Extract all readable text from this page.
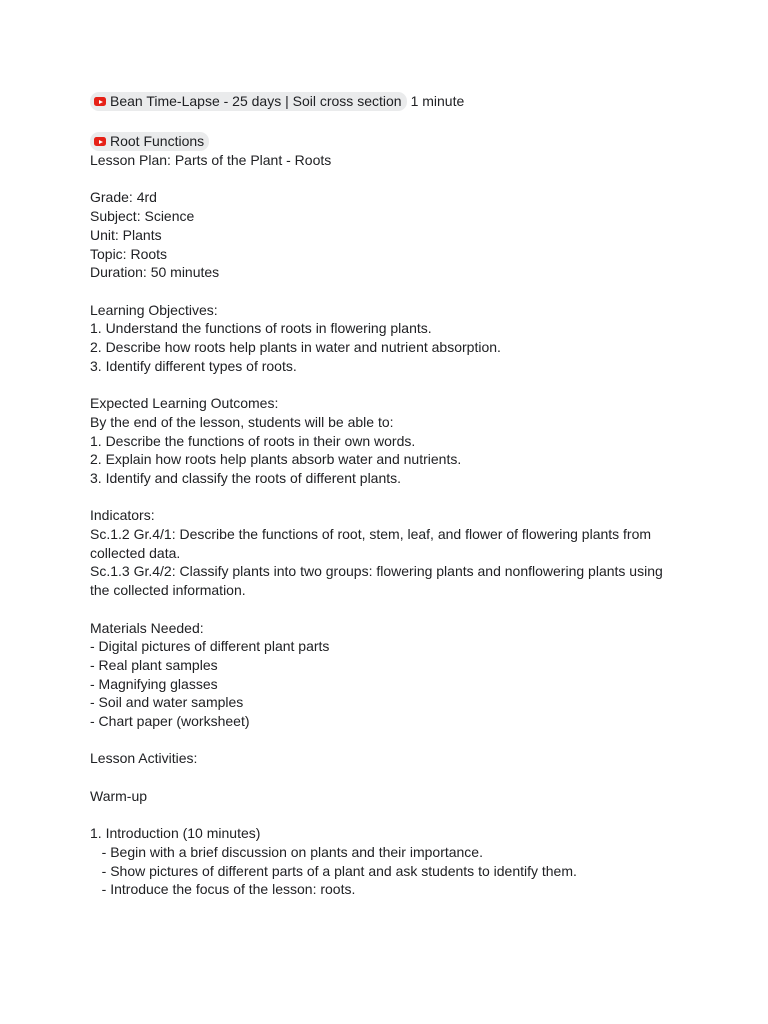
Bean Time-Lapse - 25 days | Soil cross section 1 minute
Root Functions
Lesson Plan: Parts of the Plant - Roots
Grade: 4rd
Subject: Science
Unit: Plants
Topic: Roots
Duration: 50 minutes
Learning Objectives:
1. Understand the functions of roots in flowering plants.
2. Describe how roots help plants in water and nutrient absorption.
3. Identify different types of roots.
Expected Learning Outcomes:
By the end of the lesson, students will be able to:
1. Describe the functions of roots in their own words.
2. Explain how roots help plants absorb water and nutrients.
3. Identify and classify the roots of different plants.
Indicators:
Sc.1.2 Gr.4/1: Describe the functions of root, stem, leaf, and flower of flowering plants from
collected data.
Sc.1.3 Gr.4/2: Classify plants into two groups: flowering plants and nonflowering plants using
the collected information.
Materials Needed:
- Digital pictures of different plant parts
- Real plant samples
- Magnifying glasses
- Soil and water samples
- Chart paper (worksheet)
Lesson Activities:
Warm-up
1. Introduction (10 minutes)
- Begin with a brief discussion on plants and their importance.
- Show pictures of different parts of a plant and ask students to identify them.
- Introduce the focus of the lesson: roots.
